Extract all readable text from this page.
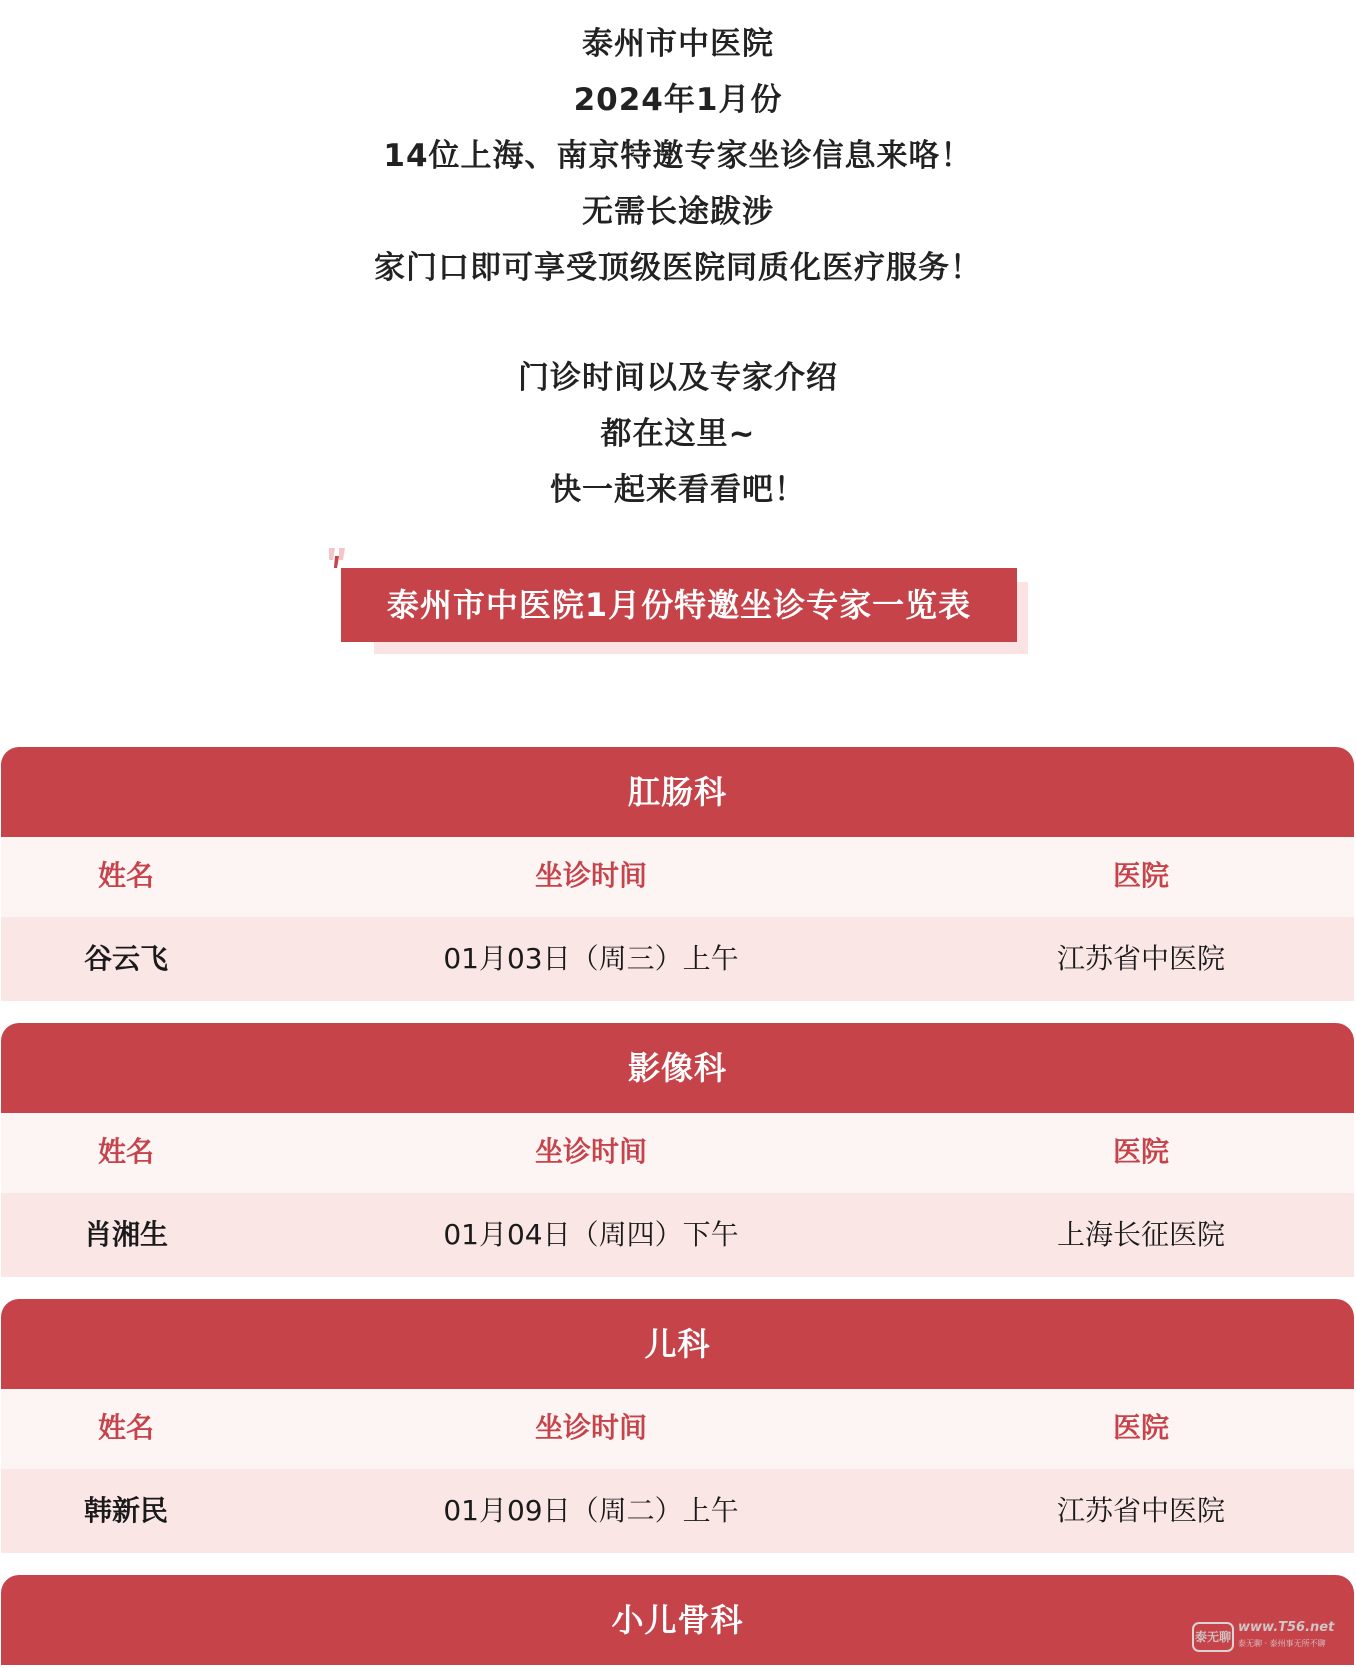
泰州市中医院
2024年1月份
14位上海、南京特邀专家坐诊信息来咯！
无需长途跋涉
家门口即可享受顶级医院同质化医疗服务！
门诊时间以及专家介绍
都在这里~
快一起来看看吧！
泰州市中医院1月份特邀坐诊专家一览表
肛肠科
姓名	坐诊时间	医院
谷云飞	01月03日（周三）上午	江苏省中医院
影像科
姓名	坐诊时间	医院
肖湘生	01月04日（周四）下午	上海长征医院
儿科
姓名	坐诊时间	医院
韩新民	01月09日（周二）上午	江苏省中医院
小儿骨科	泰无聊
www.T56.net
泰无聊 · 泰州事无所不聊
